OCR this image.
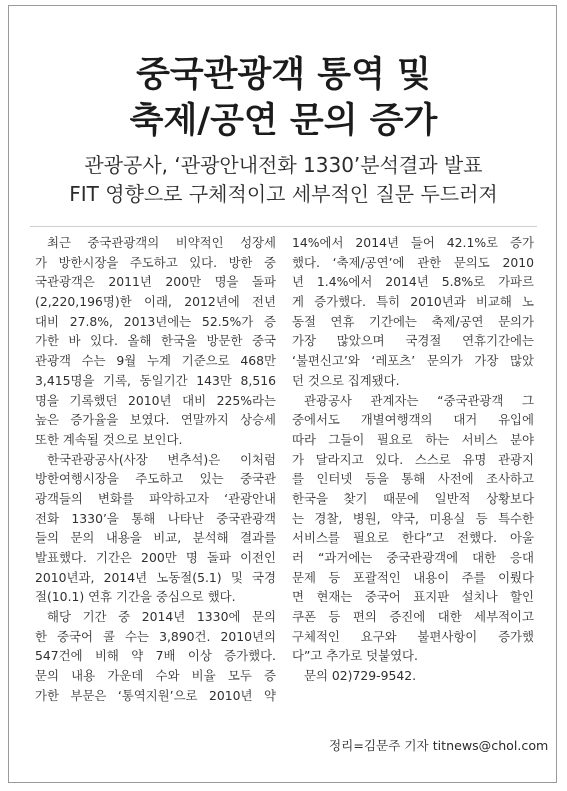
중국관광객 통역 및
축제/공연 문의 증가
관광공사, ‘관광안내전화 1330’분석결과 발표
FIT 영향으로 구체적이고 세부적인 질문 두드러져
최근 중국관광객의 비약적인 성장세
가 방한시장을 주도하고 있다. 방한 중
국관광객은 2011년 200만 명을 돌파
(2,220,196명)한 이래, 2012년에 전년
대비 27.8%, 2013년에는 52.5%가 증
가한 바 있다. 올해 한국을 방문한 중국
관광객 수는 9월 누계 기준으로 468만
3,415명을 기록, 동일기간 143만 8,516
명을 기록했던 2010년 대비 225%라는
높은 증가율을 보였다. 연말까지 상승세
또한 계속될 것으로 보인다.
한국관광공사(사장 변추석)은 이처럼
방한여행시장을 주도하고 있는 중국관
광객들의 변화를 파악하고자 ‘관광안내
전화 1330’을 통해 나타난 중국관광객
들의 문의 내용을 비교, 분석해 결과를
발표했다. 기간은 200만 명 돌파 이전인
2010년과, 2014년 노동절(5.1) 및 국경
절(10.1) 연휴 기간을 중심으로 했다.
해당 기간 중 2014년 1330에 문의
한 중국어 콜 수는 3,890건. 2010년의
547건에 비해 약 7배 이상 증가했다.
문의 내용 가운데 수와 비율 모두 증
가한 부문은 ‘통역지원’으로 2010년 약
14%에서 2014년 들어 42.1%로 증가
했다. ‘축제/공연’에 관한 문의도 2010
년 1.4%에서 2014년 5.8%로 가파르
게 증가했다. 특히 2010년과 비교해 노
동절 연휴 기간에는 축제/공연 문의가
가장 많았으며 국경절 연휴기간에는
‘불편신고’와 ‘레포츠’ 문의가 가장 많았
던 것으로 집계됐다.
관광공사 관계자는 “중국관광객 그
중에서도 개별여행객의 대거 유입에
따라 그들이 필요로 하는 서비스 분야
가 달라지고 있다. 스스로 유명 관광지
를 인터넷 등을 통해 사전에 조사하고
한국을 찾기 때문에 일반적 상황보다
는 경찰, 병원, 약국, 미용실 등 특수한
서비스를 필요로 한다”고 전했다. 아울
러 “과거에는 중국관광객에 대한 응대
문제 등 포괄적인 내용이 주를 이뤘다
면 현재는 중국어 표지판 설치나 할인
쿠폰 등 편의 증진에 대한 세부적이고
구체적인 요구와 불편사항이 증가했
다”고 추가로 덧붙였다.
문의 02)729-9542.
정리=김문주 기자 titnews@chol.com
